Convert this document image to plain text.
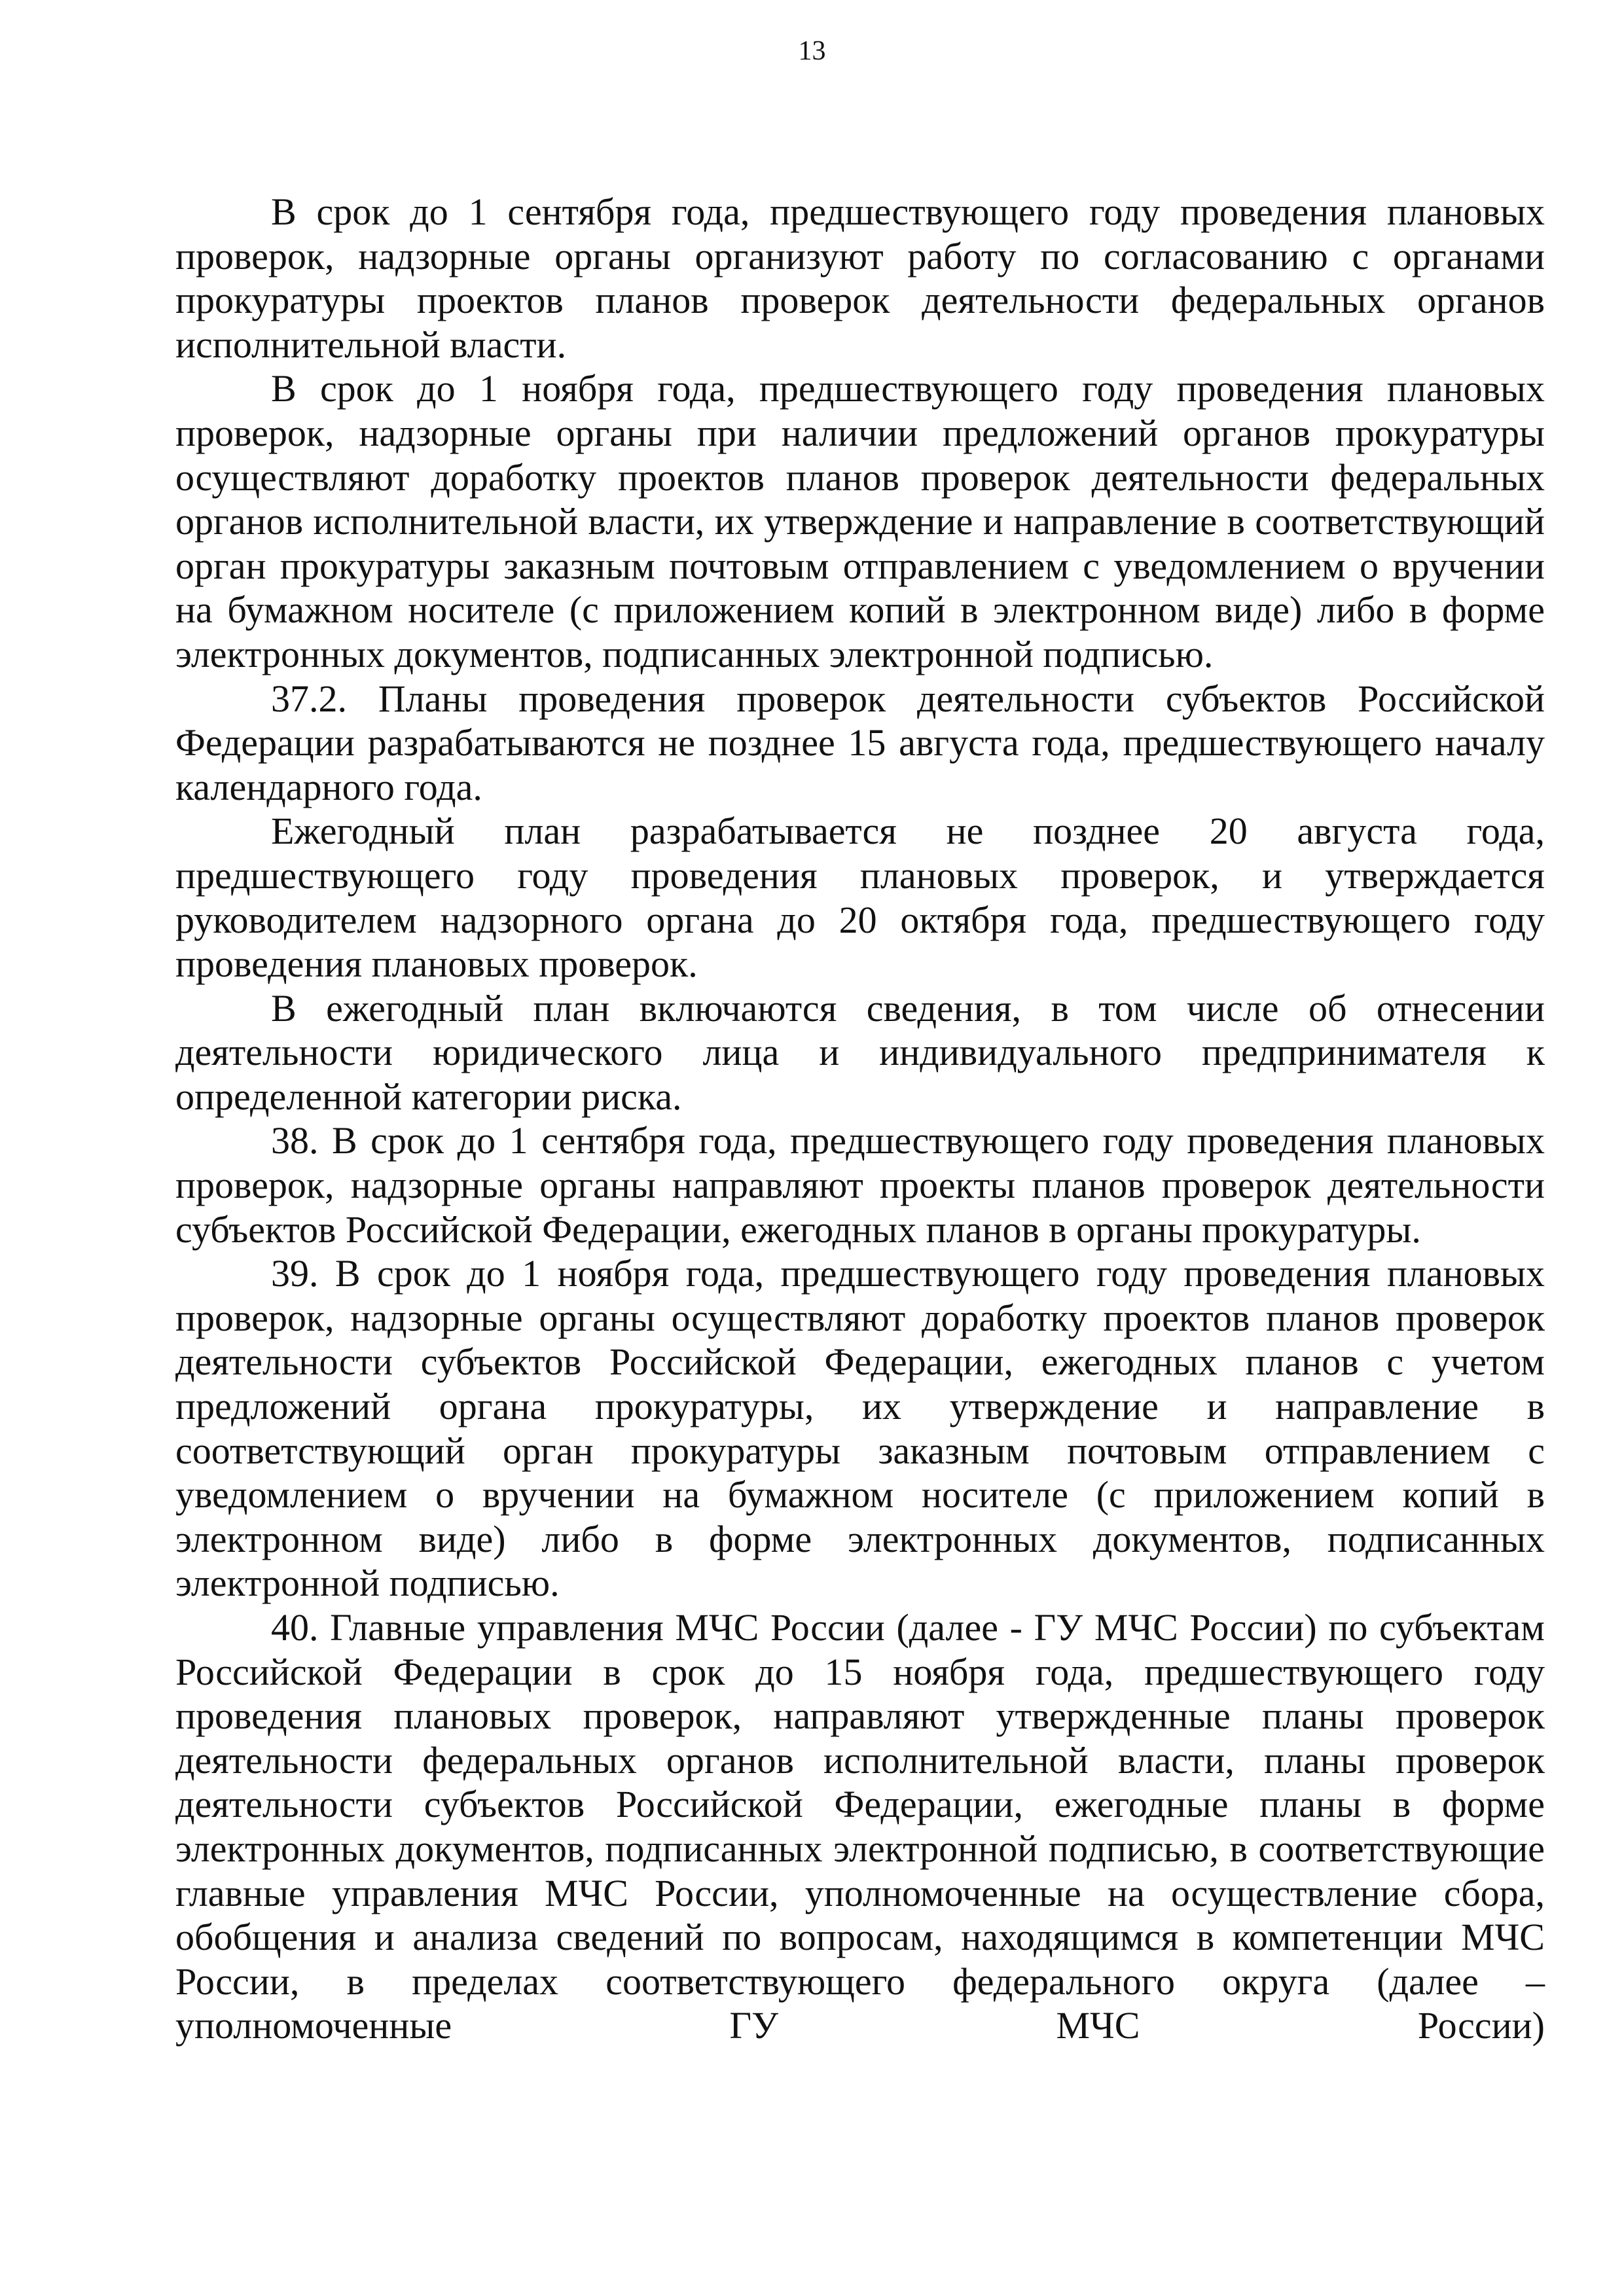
13

В срок до 1 сентября года, предшествующего году проведения плановых проверок, надзорные органы организуют работу по согласованию с органами прокуратуры проектов планов проверок деятельности федеральных органов исполнительной власти.

В срок до 1 ноября года, предшествующего году проведения плановых проверок, надзорные органы при наличии предложений органов прокуратуры осуществляют доработку проектов планов проверок деятельности федеральных органов исполнительной власти, их утверждение и направление в соответствующий орган прокуратуры заказным почтовым отправлением с уведомлением о вручении на бумажном носителе (с приложением копий в электронном виде) либо в форме электронных документов, подписанных электронной подписью.

37.2. Планы проведения проверок деятельности субъектов Российской Федерации разрабатываются не позднее 15 августа года, предшествующего началу календарного года.

Ежегодный план разрабатывается не позднее 20 августа года, предшествующего году проведения плановых проверок, и утверждается руководителем надзорного органа до 20 октября года, предшествующего году проведения плановых проверок.

В ежегодный план включаются сведения, в том числе об отнесении деятельности юридического лица и индивидуального предпринимателя к определенной категории риска.

38. В срок до 1 сентября года, предшествующего году проведения плановых проверок, надзорные органы направляют проекты планов проверок деятельности субъектов Российской Федерации, ежегодных планов в органы прокуратуры.

39. В срок до 1 ноября года, предшествующего году проведения плановых проверок, надзорные органы осуществляют доработку проектов планов проверок деятельности субъектов Российской Федерации, ежегодных планов с учетом предложений органа прокуратуры, их утверждение и направление в соответствующий орган прокуратуры заказным почтовым отправлением с уведомлением о вручении на бумажном носителе (с приложением копий в электронном виде) либо в форме электронных документов, подписанных электронной подписью.

40. Главные управления МЧС России (далее - ГУ МЧС России) по субъектам Российской Федерации в срок до 15 ноября года, предшествующего году проведения плановых проверок, направляют утвержденные планы проверок деятельности федеральных органов исполнительной власти, планы проверок деятельности субъектов Российской Федерации, ежегодные планы в форме электронных документов, подписанных электронной подписью, в соответствующие главные управления МЧС России, уполномоченные на осуществление сбора, обобщения и анализа сведений по вопросам, находящимся в компетенции МЧС России, в пределах соответствующего федерального округа (далее – уполномоченные ГУ МЧС России)
